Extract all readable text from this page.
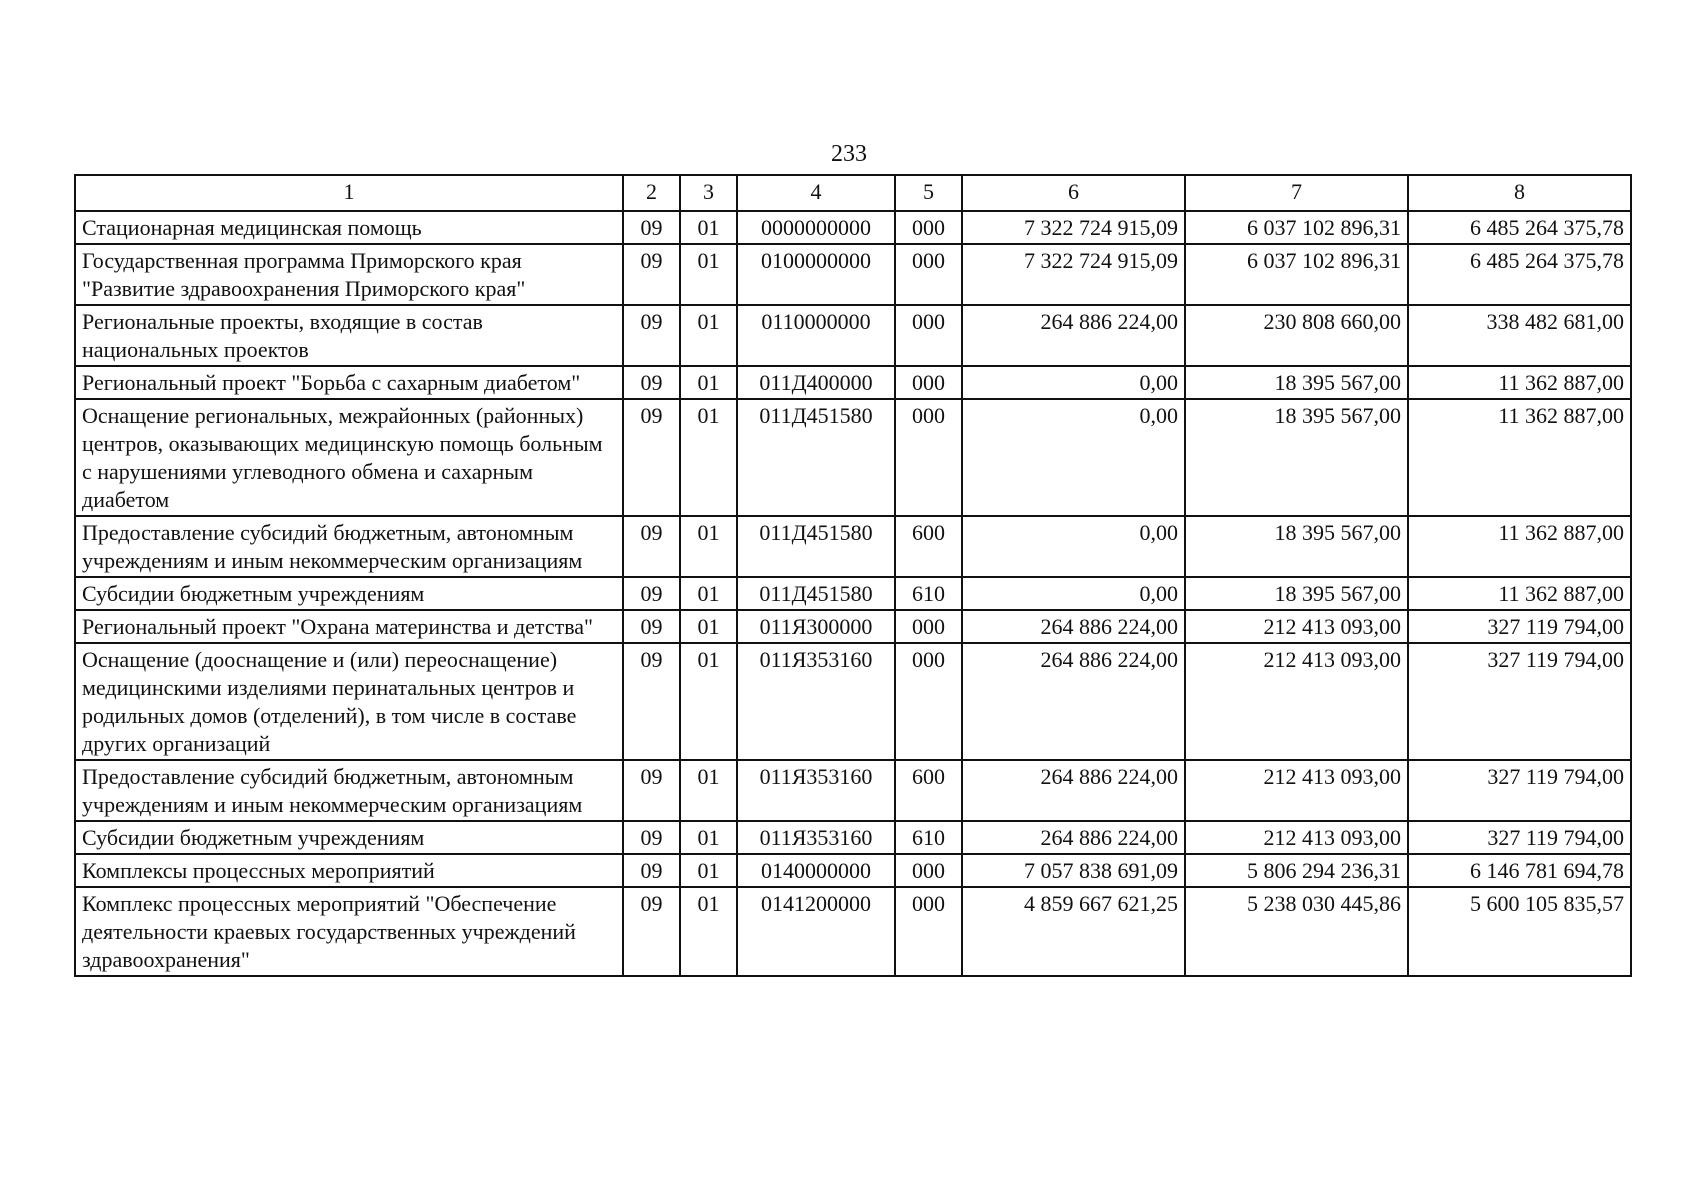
233
1	2	3	4	5	6	7	8
Стационарная медицинская помощь	09	01	0000000000	000	7 322 724 915,09	6 037 102 896,31	6 485 264 375,78
Государственная программа Приморского края "Развитие здравоохранения Приморского края"	09	01	0100000000	000	7 322 724 915,09	6 037 102 896,31	6 485 264 375,78
Региональные проекты, входящие в состав национальных проектов	09	01	0110000000	000	264 886 224,00	230 808 660,00	338 482 681,00
Региональный проект "Борьба с сахарным диабетом"	09	01	011Д400000	000	0,00	18 395 567,00	11 362 887,00
Оснащение региональных, межрайонных (районных) центров, оказывающих медицинскую помощь больным с нарушениями углеводного обмена и сахарным диабетом	09	01	011Д451580	000	0,00	18 395 567,00	11 362 887,00
Предоставление субсидий бюджетным, автономным учреждениям и иным некоммерческим организациям	09	01	011Д451580	600	0,00	18 395 567,00	11 362 887,00
Субсидии бюджетным учреждениям	09	01	011Д451580	610	0,00	18 395 567,00	11 362 887,00
Региональный проект "Охрана материнства и детства"	09	01	011Я300000	000	264 886 224,00	212 413 093,00	327 119 794,00
Оснащение (дооснащение и (или) переоснащение) медицинскими изделиями перинатальных центров и родильных домов (отделений), в том числе в составе других организаций	09	01	011Я353160	000	264 886 224,00	212 413 093,00	327 119 794,00
Предоставление субсидий бюджетным, автономным учреждениям и иным некоммерческим организациям	09	01	011Я353160	600	264 886 224,00	212 413 093,00	327 119 794,00
Субсидии бюджетным учреждениям	09	01	011Я353160	610	264 886 224,00	212 413 093,00	327 119 794,00
Комплексы процессных мероприятий	09	01	0140000000	000	7 057 838 691,09	5 806 294 236,31	6 146 781 694,78
Комплекс процессных мероприятий "Обеспечение деятельности краевых государственных учреждений здравоохранения"	09	01	0141200000	000	4 859 667 621,25	5 238 030 445,86	5 600 105 835,57
